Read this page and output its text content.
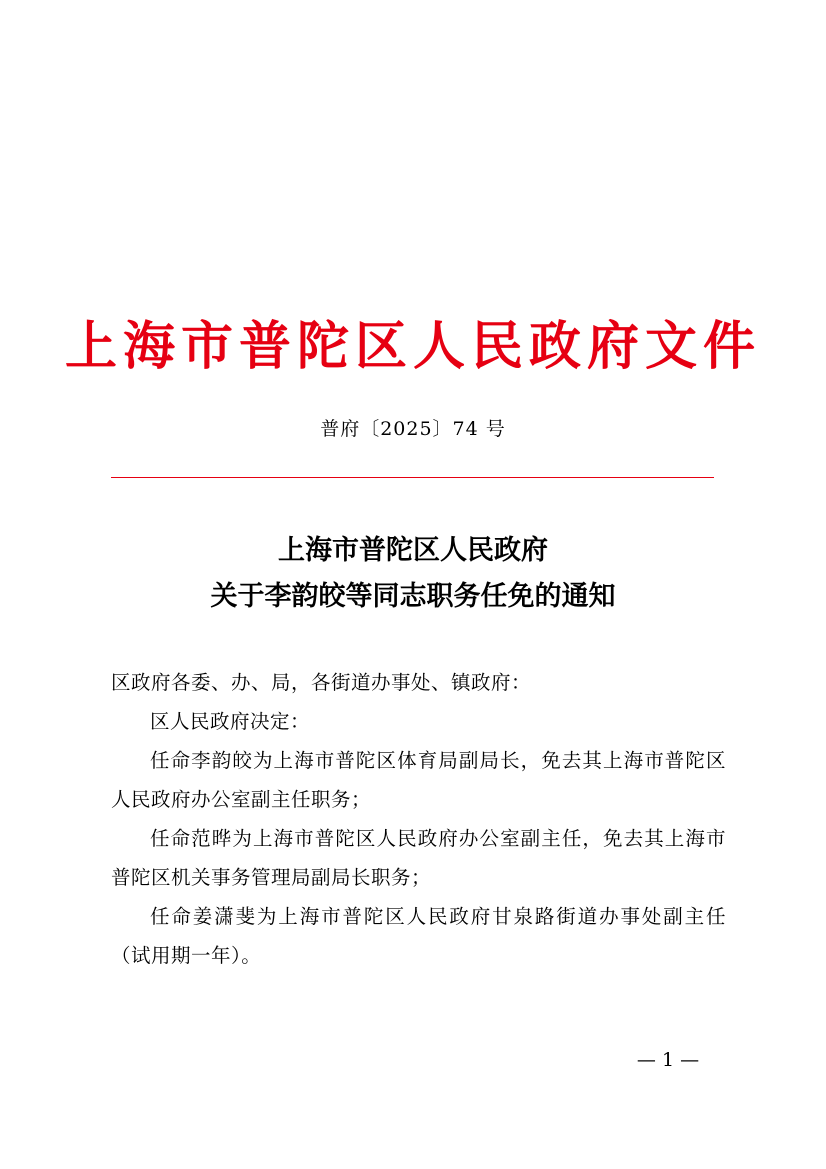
上海市普陀区人民政府文件
普府〔2025〕74 号
上海市普陀区人民政府
关于李韵皎等同志职务任免的通知

区政府各委、办、局，各街道办事处、镇政府：

区人民政府决定：

任命李韵皎为上海市普陀区体育局副局长，免去其上海市普陀区人民政府办公室副主任职务；

任命范晔为上海市普陀区人民政府办公室副主任，免去其上海市普陀区机关事务管理局副局长职务；

任命姜潇斐为上海市普陀区人民政府甘泉路街道办事处副主任（试用期一年）。

— 1 —
